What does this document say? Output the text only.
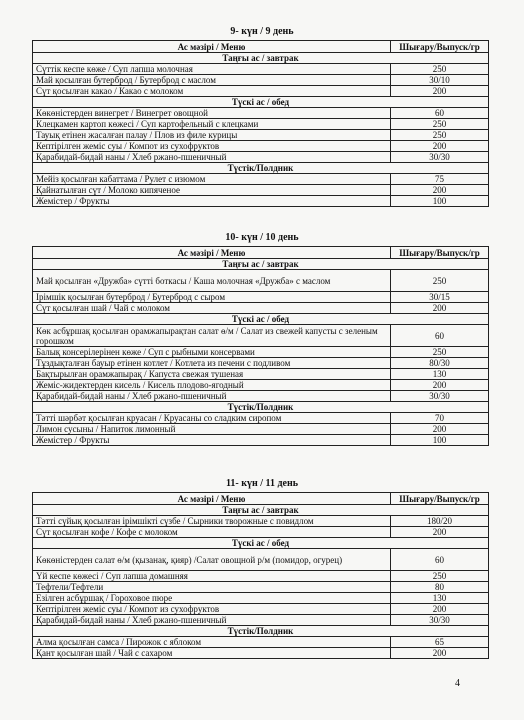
9- күн / 9 день
Ас мәзірі / Меню	Шығару/Выпуск/гр
Таңғы ас / завтрак	
Сүттік кеспе көже / Суп лапша молочная	250
Май қосылған бутерброд / Бутерброд с маслом	30/10
Сүт қосылған какао / Какао с молоком	200
Түскі ас / обед	
Көкөністерден винегрет / Винегрет овощной	60
Клецкамен картоп көжесі / Суп картофельный с клецками	250
Тауық етінен жасалған палау / Плов из филе курицы	250
Кептірілген жеміс суы / Компот из сухофруктов	200
Қарабидай-бидай наны / Хлеб ржано-пшеничный	30/30
Түстік/Полдник	
Мейіз қосылған кабаттама / Рулет с изюмом	75
Қайнатылған сүт / Молоко кипяченое	200
Жемістер / Фрукты	100
10- күн / 10 день
Ас мәзірі / Меню	Шығару/Выпуск/гр
Таңғы ас / завтрак	
Май қосылған «Дружба» сүтті боткасы / Каша молочная «Дружба» с маслом	250
Ірімшік қосылған бутерброд / Бутерброд с сыром	30/15
Сүт қосылған шай / Чай с молоком	200
Түскі ас / обед	
Көк асбұршақ қосылған орамжапырақтан салат ө/м / Салат из свежей капусты с зеленым горошком	60
Балық консерілерінен көже / Суп с рыбными консервами	250
Тұздықталған бауыр етінен котлет / Котлета из печени с подливом	80/30
Бақтырылған орамжапырақ / Капуста свежая тушеная	130
Жеміс-жидектерден кисель / Кисель плодово-ягодный	200
Қарабидай-бидай наны / Хлеб ржано-пшеничный	30/30
Түстік/Полдник	
Тәтті шәрбәт қосылған круасан / Круасаны со сладким сиропом	70
Лимон сусыны / Напиток лимонный	200
Жемістер / Фрукты	100
11- күн / 11 день
Ас мәзірі / Меню	Шығару/Выпуск/гр
Таңғы ас / завтрак	
Тәтті сүйық қосылған ірімшікті сүзбе / Сырники творожные с повидлом	180/20
Сүт қосылған кофе / Кофе с молоком	200
Түскі ас / обед	
Көкөністерден салат ө/м (қызанақ, қияр) /Салат овощной р/м (помидор, огурец)	60
Үй кеспе көжесі / Суп лапша домашняя	250
Тефтели/Тефтели	80
Езілген асбұршақ / Гороховое пюре	130
Кептірілген жеміс суы / Компот из сухофруктов	200
Қарабидай-бидай наны / Хлеб ржано-пшеничный	30/30
Түстік/Полдник	
Алма қосылған самса / Пирожок с яблоком	65
Қант қосылған шай / Чай с сахаром	200
4
